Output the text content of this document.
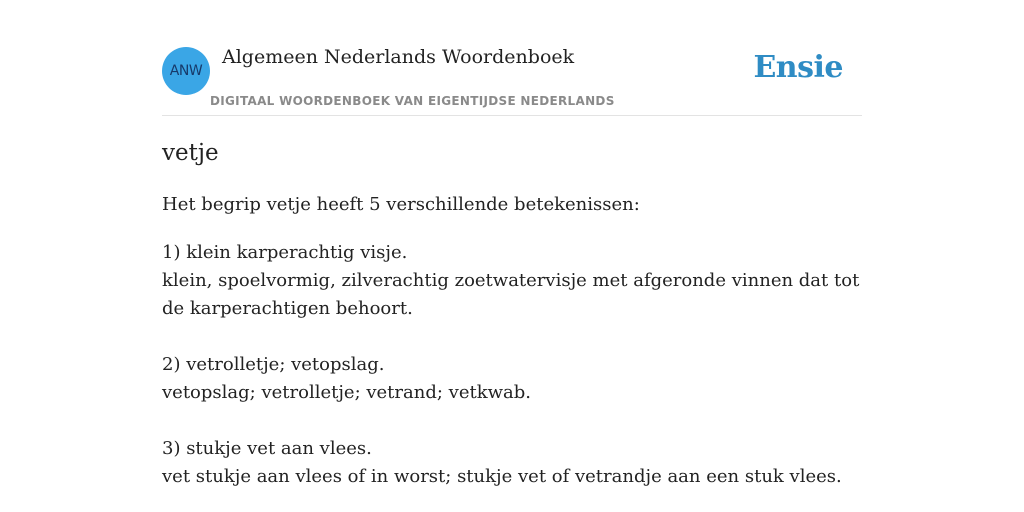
ANW
Algemeen Nederlands Woordenboek
DIGITAAL WOORDENBOEK VAN EIGENTIJDSE NEDERLANDS
Ensie
vetje

Het begrip vetje heeft 5 verschillende betekenissen:

1) klein karperachtig visje.
klein, spoelvormig, zilverachtig zoetwatervisje met afgeronde vinnen dat tot de karperachtigen behoort.
2) vetrolletje; vetopslag.
vetopslag; vetrolletje; vetrand; vetkwab.
3) stukje vet aan vlees.
vet stukje aan vlees of in worst; stukje vet of vetrandje aan een stuk vlees.
